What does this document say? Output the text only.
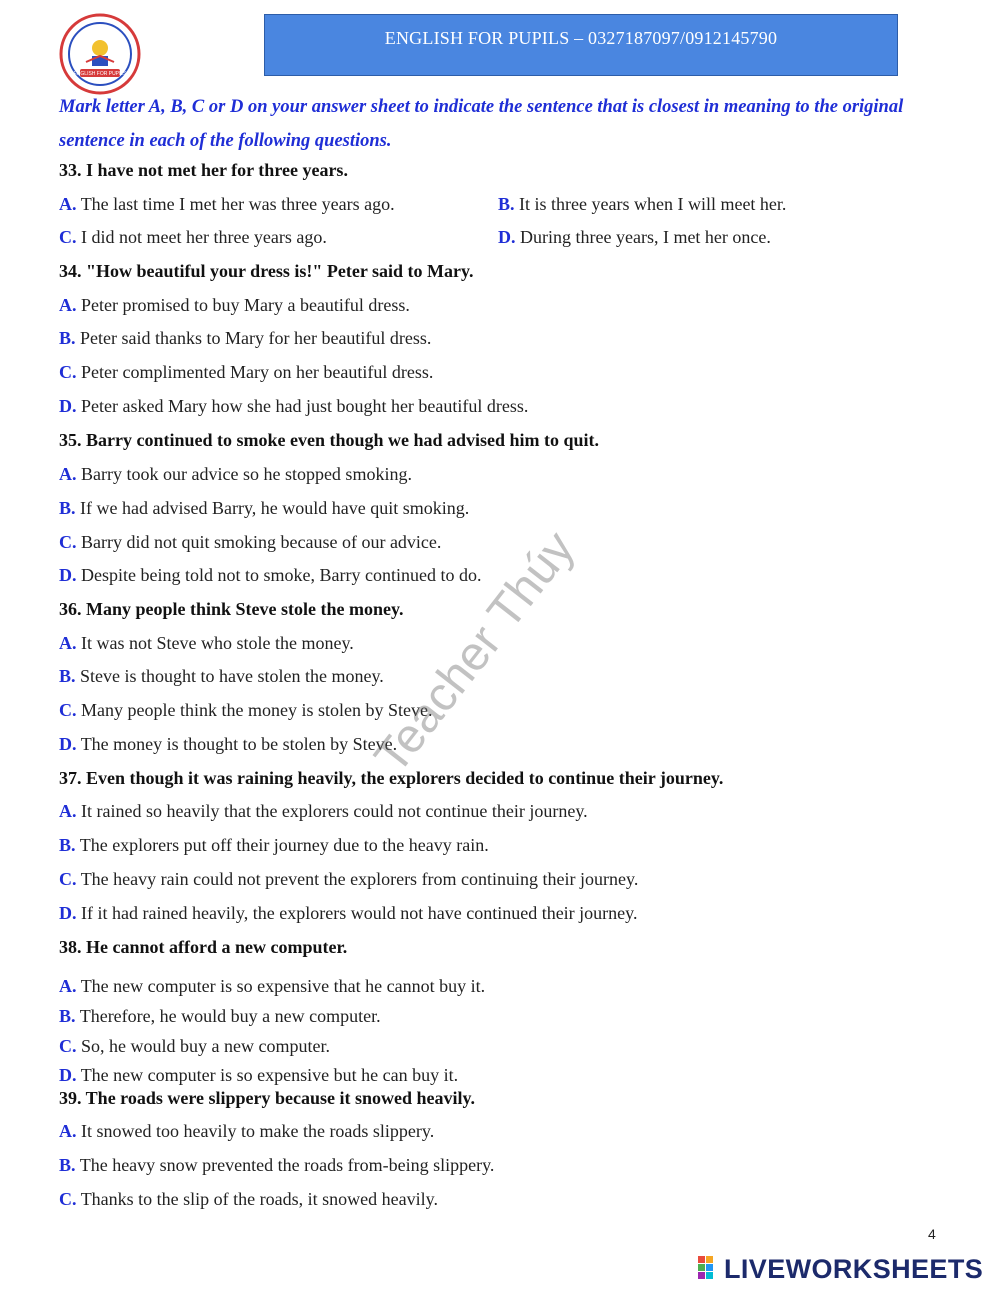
ENGLISH FOR PUPILS
ENGLISH FOR PUPILS – 0327187097/0912145790
Mark letter A, B, C or D on your answer sheet to indicate the sentence that is closest in meaning to the original sentence in each of the following questions.
33. I have not met her for three years.
A. The last time I met her was three years ago.	B. It is three years when I will meet her.
C. I did not meet her three years ago.	D. During three years, I met her once.
34. "How beautiful your dress is!" Peter said to Mary.
A. Peter promised to buy Mary a beautiful dress.
B. Peter said thanks to Mary for her beautiful dress.
C. Peter complimented Mary on her beautiful dress.
D. Peter asked Mary how she had just bought her beautiful dress.
35. Barry continued to smoke even though we had advised him to quit.
A. Barry took our advice so he stopped smoking.
B. If we had advised Barry, he would have quit smoking.
C. Barry did not quit smoking because of our advice.
D. Despite being told not to smoke, Barry continued to do.
36. Many people think Steve stole the money.
A. It was not Steve who stole the money.
B. Steve is thought to have stolen the money.
C. Many people think the money is stolen by Steve.
D. The money is thought to be stolen by Steve.
37. Even though it was raining heavily, the explorers decided to continue their journey.
A. It rained so heavily that the explorers could not continue their journey.
B. The explorers put off their journey due to the heavy rain.
C. The heavy rain could not prevent the explorers from continuing their journey.
D. If it had rained heavily, the explorers would not have continued their journey.
38. He cannot afford a new computer.
A. The new computer is so expensive that he cannot buy it.
B. Therefore, he would buy a new computer.
C. So, he would buy a new computer.
D. The new computer is so expensive but he can buy it.
39. The roads were slippery because it snowed heavily.
A. It snowed too heavily to make the roads slippery.
B. The heavy snow prevented the roads from-being slippery.
C. Thanks to the slip of the roads, it snowed heavily.
Teacher Thúy
4
LIVEWORKSHEETS
